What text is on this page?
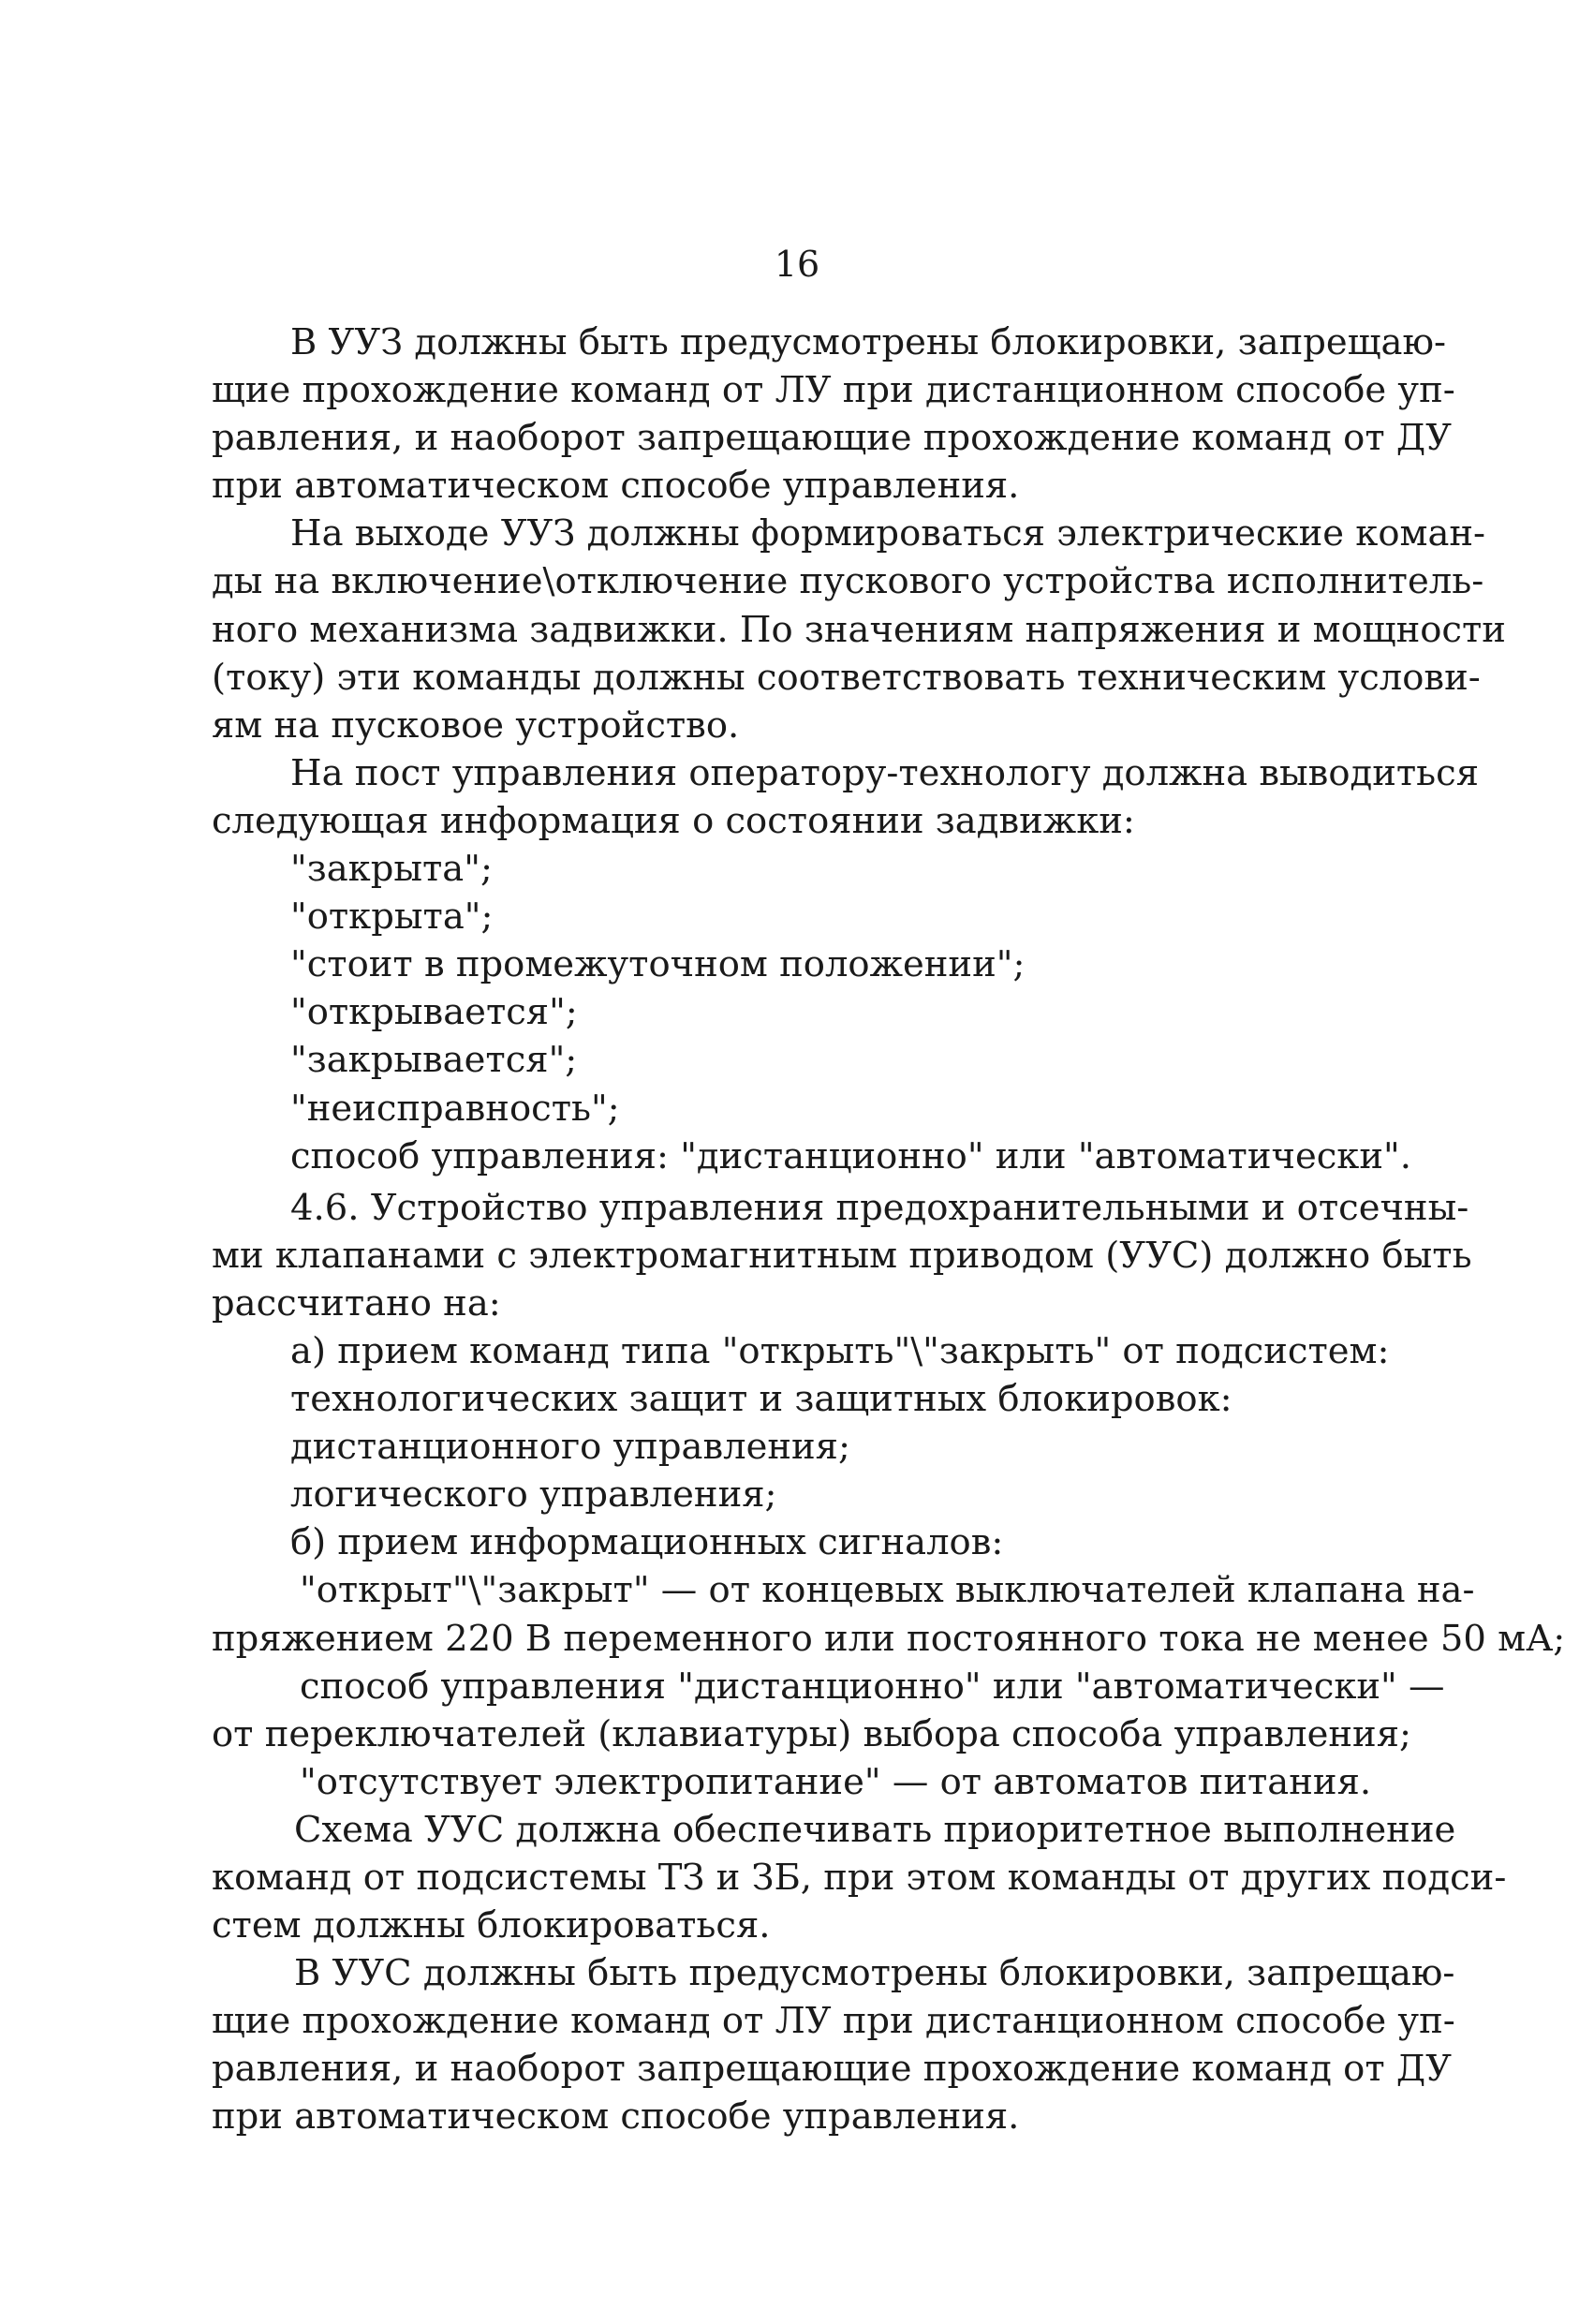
16
В УУЗ должны быть предусмотрены блокировки, запрещаю-
щие прохождение команд от ЛУ при дистанционном способе уп-
равления, и наоборот запрещающие прохождение команд от ДУ
при автоматическом способе управления.
На выходе УУЗ должны формироваться электрические коман-
ды на включение\отключение пускового устройства исполнитель-
ного механизма задвижки. По значениям напряжения и мощности
(току) эти команды должны соответствовать техническим услови-
ям на пусковое устройство.
На пост управления оператору-технологу должна выводиться
следующая информация о состоянии задвижки:
"закрыта";
"открыта";
"стоит в промежуточном положении";
"открывается";
"закрывается";
"неисправность";
способ управления: "дистанционно" или "автоматически".
4.6. Устройство управления предохранительными и отсечны-
ми клапанами с электромагнитным приводом (УУС) должно быть
рассчитано на:
а) прием команд типа "открыть"\"закрыть" от подсистем:
технологических защит и защитных блокировок:
дистанционного управления;
логического управления;
б) прием информационных сигналов:
"открыт"\"закрыт" — от концевых выключателей клапана на-
пряжением 220 В переменного или постоянного тока не менее 50 мА;
способ управления "дистанционно" или "автоматически" —
от переключателей (клавиатуры) выбора способа управления;
"отсутствует электропитание" — от автоматов питания.
Схема УУС должна обеспечивать приоритетное выполнение
команд от подсистемы ТЗ и ЗБ, при этом команды от других подси-
стем должны блокироваться.
В УУС должны быть предусмотрены блокировки, запрещаю-
щие прохождение команд от ЛУ при дистанционном способе уп-
равления, и наоборот запрещающие прохождение команд от ДУ
при автоматическом способе управления.
